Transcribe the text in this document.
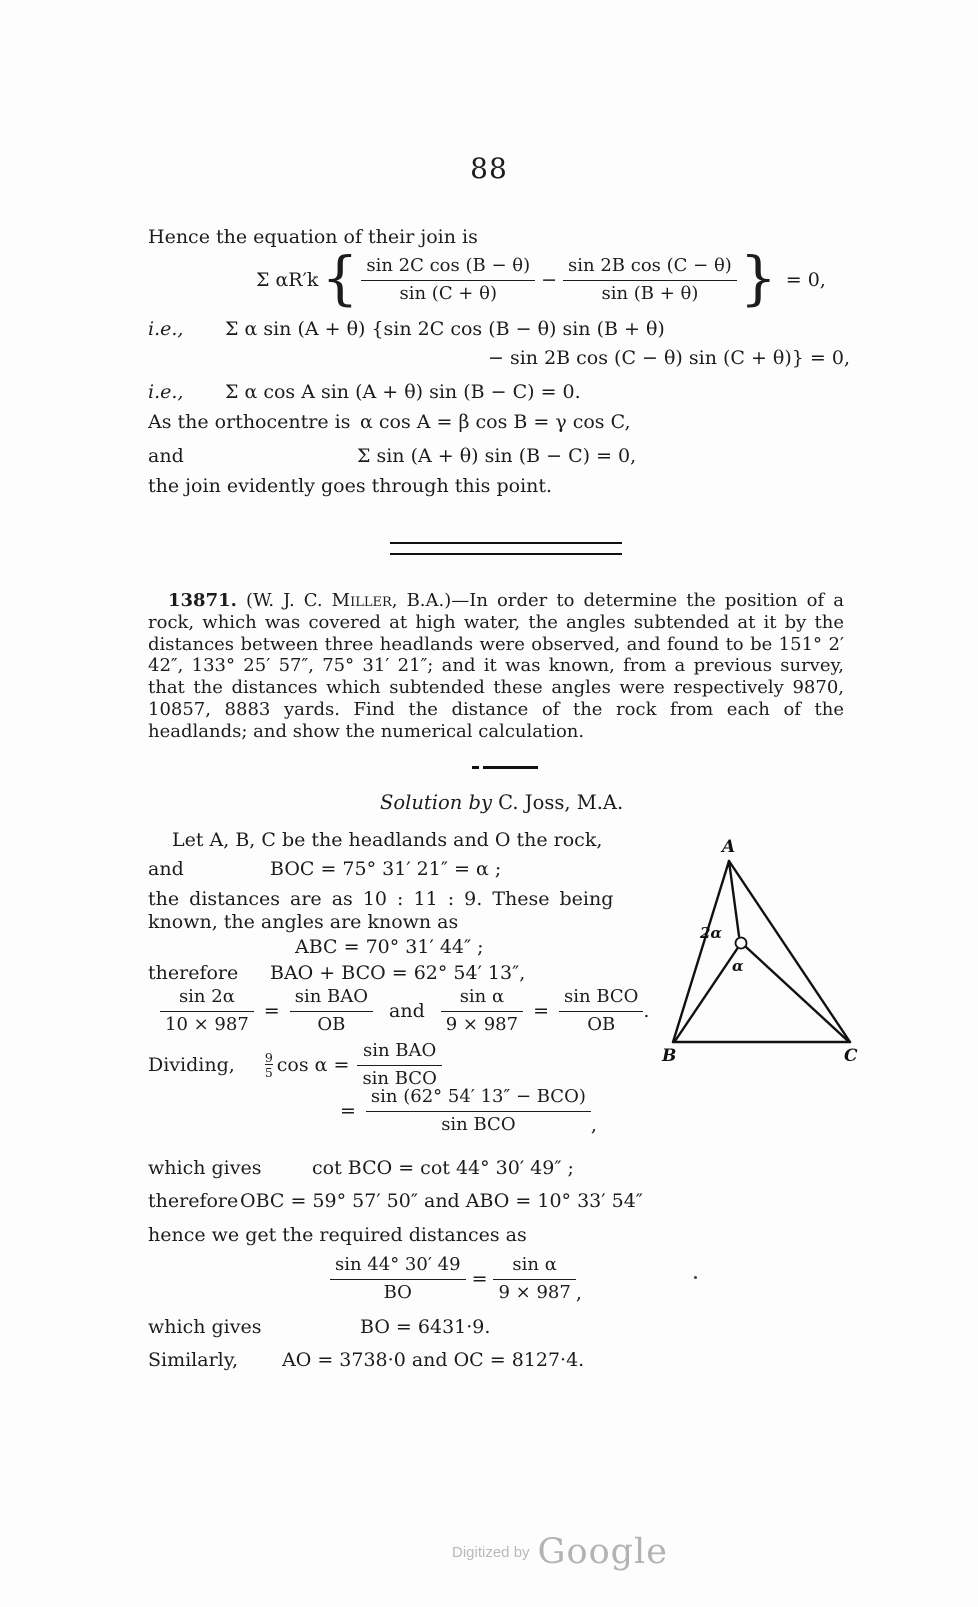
88
Hence the equation of their join is
Σ αR′k { $\frac{\text{sin 2C cos (B − θ)}}{\sin (C + \theta)} - \frac{\text{sin 2B cos (C − θ)}}{\sin (B + \theta)}$ } = 0,
i.e., Σ α sin (A + θ) {sin 2C cos (B − θ) sin (B + θ)
− sin 2B cos (C − θ) sin (C + θ)} = 0,
i.e., Σ α cos A sin (A + θ) sin (B − C) = 0.
As the orthocentre is α cos A = β cos B = γ cos C,
and	Σ sin (A + θ) sin (B − C) = 0,
the join evidently goes through this point.
13871. (W. J. C. Miller, B.A.)—In order to determine the position of a rock, which was covered at high water, the angles subtended at it by the distances between three headlands were observed, and found to be 151° 2′ 42″, 133° 25′ 57″, 75° 31′ 21″; and it was known, from a previous survey, that the distances which subtended these angles were respectively 9870, 10857, 8883 yards. Find the distance of the rock from each of the headlands; and show the numerical calculation.
Solution by C. Joss, M.A.
Let A, B, C be the headlands and O the rock,
and	BOC = 75° 31′ 21″ = α ;
the distances are as 10 : 11 : 9. These being
known, the angles are known as
ABC = 70° 31′ 44″ ;
therefore BAO + BCO = 62° 54′ 13″,
$\frac{\sin 2\alpha}{10 \times 987} = \frac{\text{sin BAO}}{OB}$ and $\frac{\text{sin α}}{9 \times 987} = \frac{\text{sin BCO}}{OB}$ .
Dividing, $\frac{9}{5}$ $\cos \alpha = \frac{\text{sin BAO}}{\text{sin BCO}}$
= $\frac{\text{sin (62° 54′ 13″ − BCO)}}{\text{sin BCO}}$ ,
which gives	cot BCO = cot 44° 30′ 49″ ;
therefore OBC = 59° 57′ 50″ and ABO = 10° 33′ 54″
hence we get the required distances as
$\frac{\sin 44^\circ 30' 49}{BO} = \frac{\text{sin α}}{9 \times 987}$ ,
which gives	BO = 6431·9.
Similarly, AO = 3738·0 and OC = 8127·4.
A
B	C
2α
α
Digitized by Google
